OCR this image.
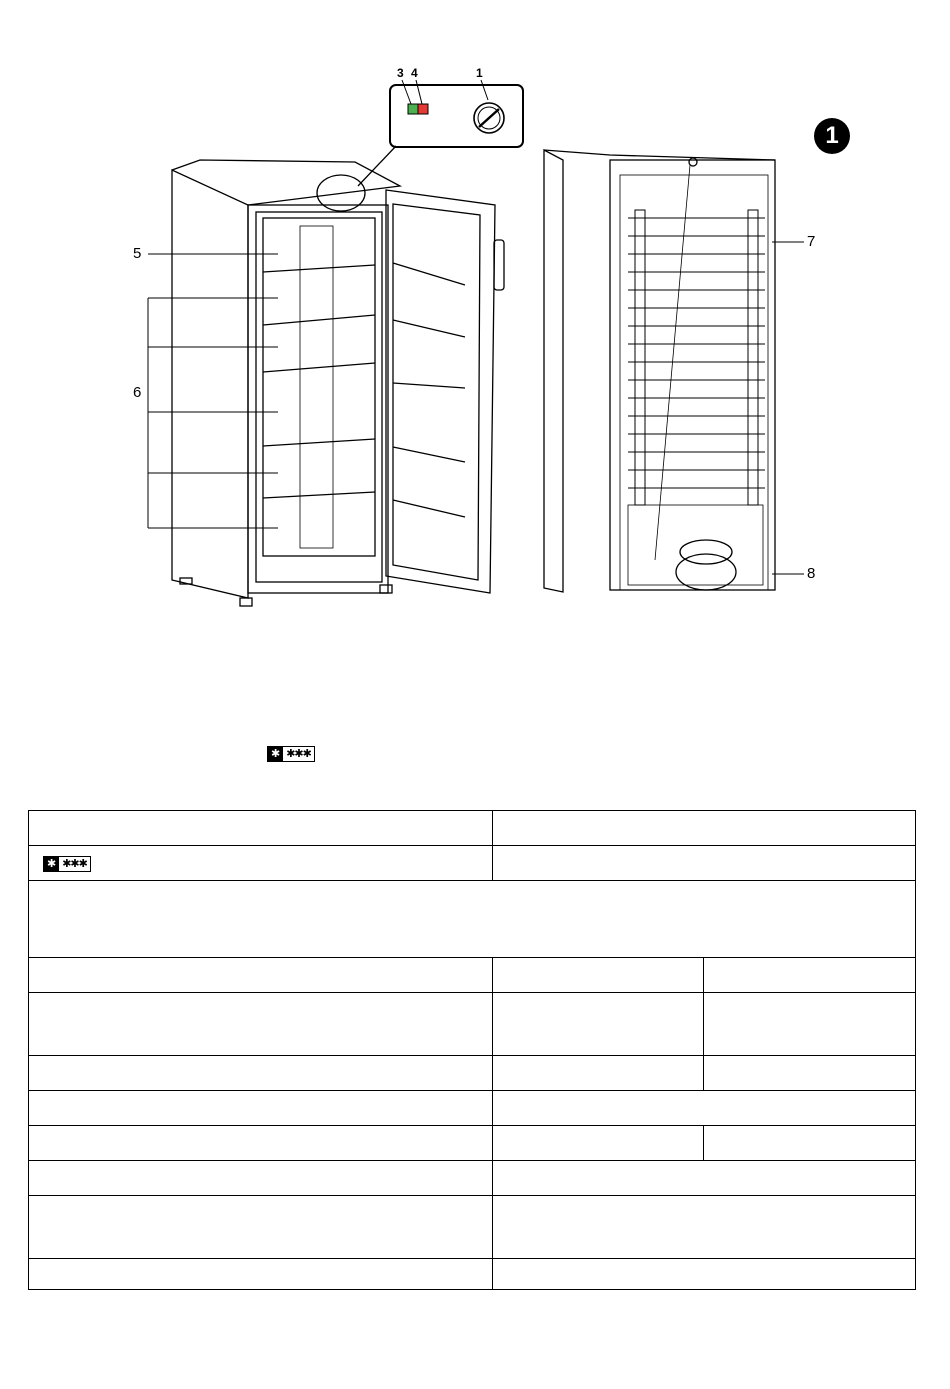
3 4	1
1
5
6
7
8
✱ ✱✱✱

✱ ✱✱✱		
